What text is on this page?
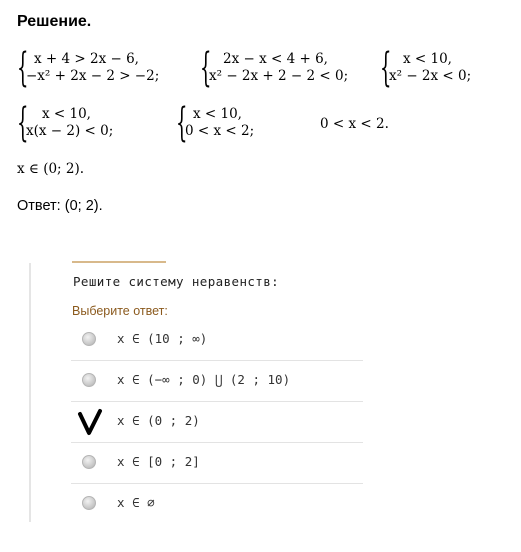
Решение.
{ x + 4 > 2x − 6,
−x² + 2x − 2 > −2; { 2x − x < 4 + 6,
x² − 2x + 2 − 2 < 0; { x < 10,
x² − 2x < 0;
{	x < 10,
x(x − 2) < 0; { x < 10,
0 < x < 2;	0 < x < 2.
x ∈ (0; 2).
Ответ: (0; 2).
Решите систему неравенств:
Выберите ответ:
x ∈ (10 ; ∞)
x ∈ (−∞ ; 0) ⋃ (2 ; 10)
x ∈ (0 ; 2)
x ∈ [0 ; 2]
x ∈ ∅
